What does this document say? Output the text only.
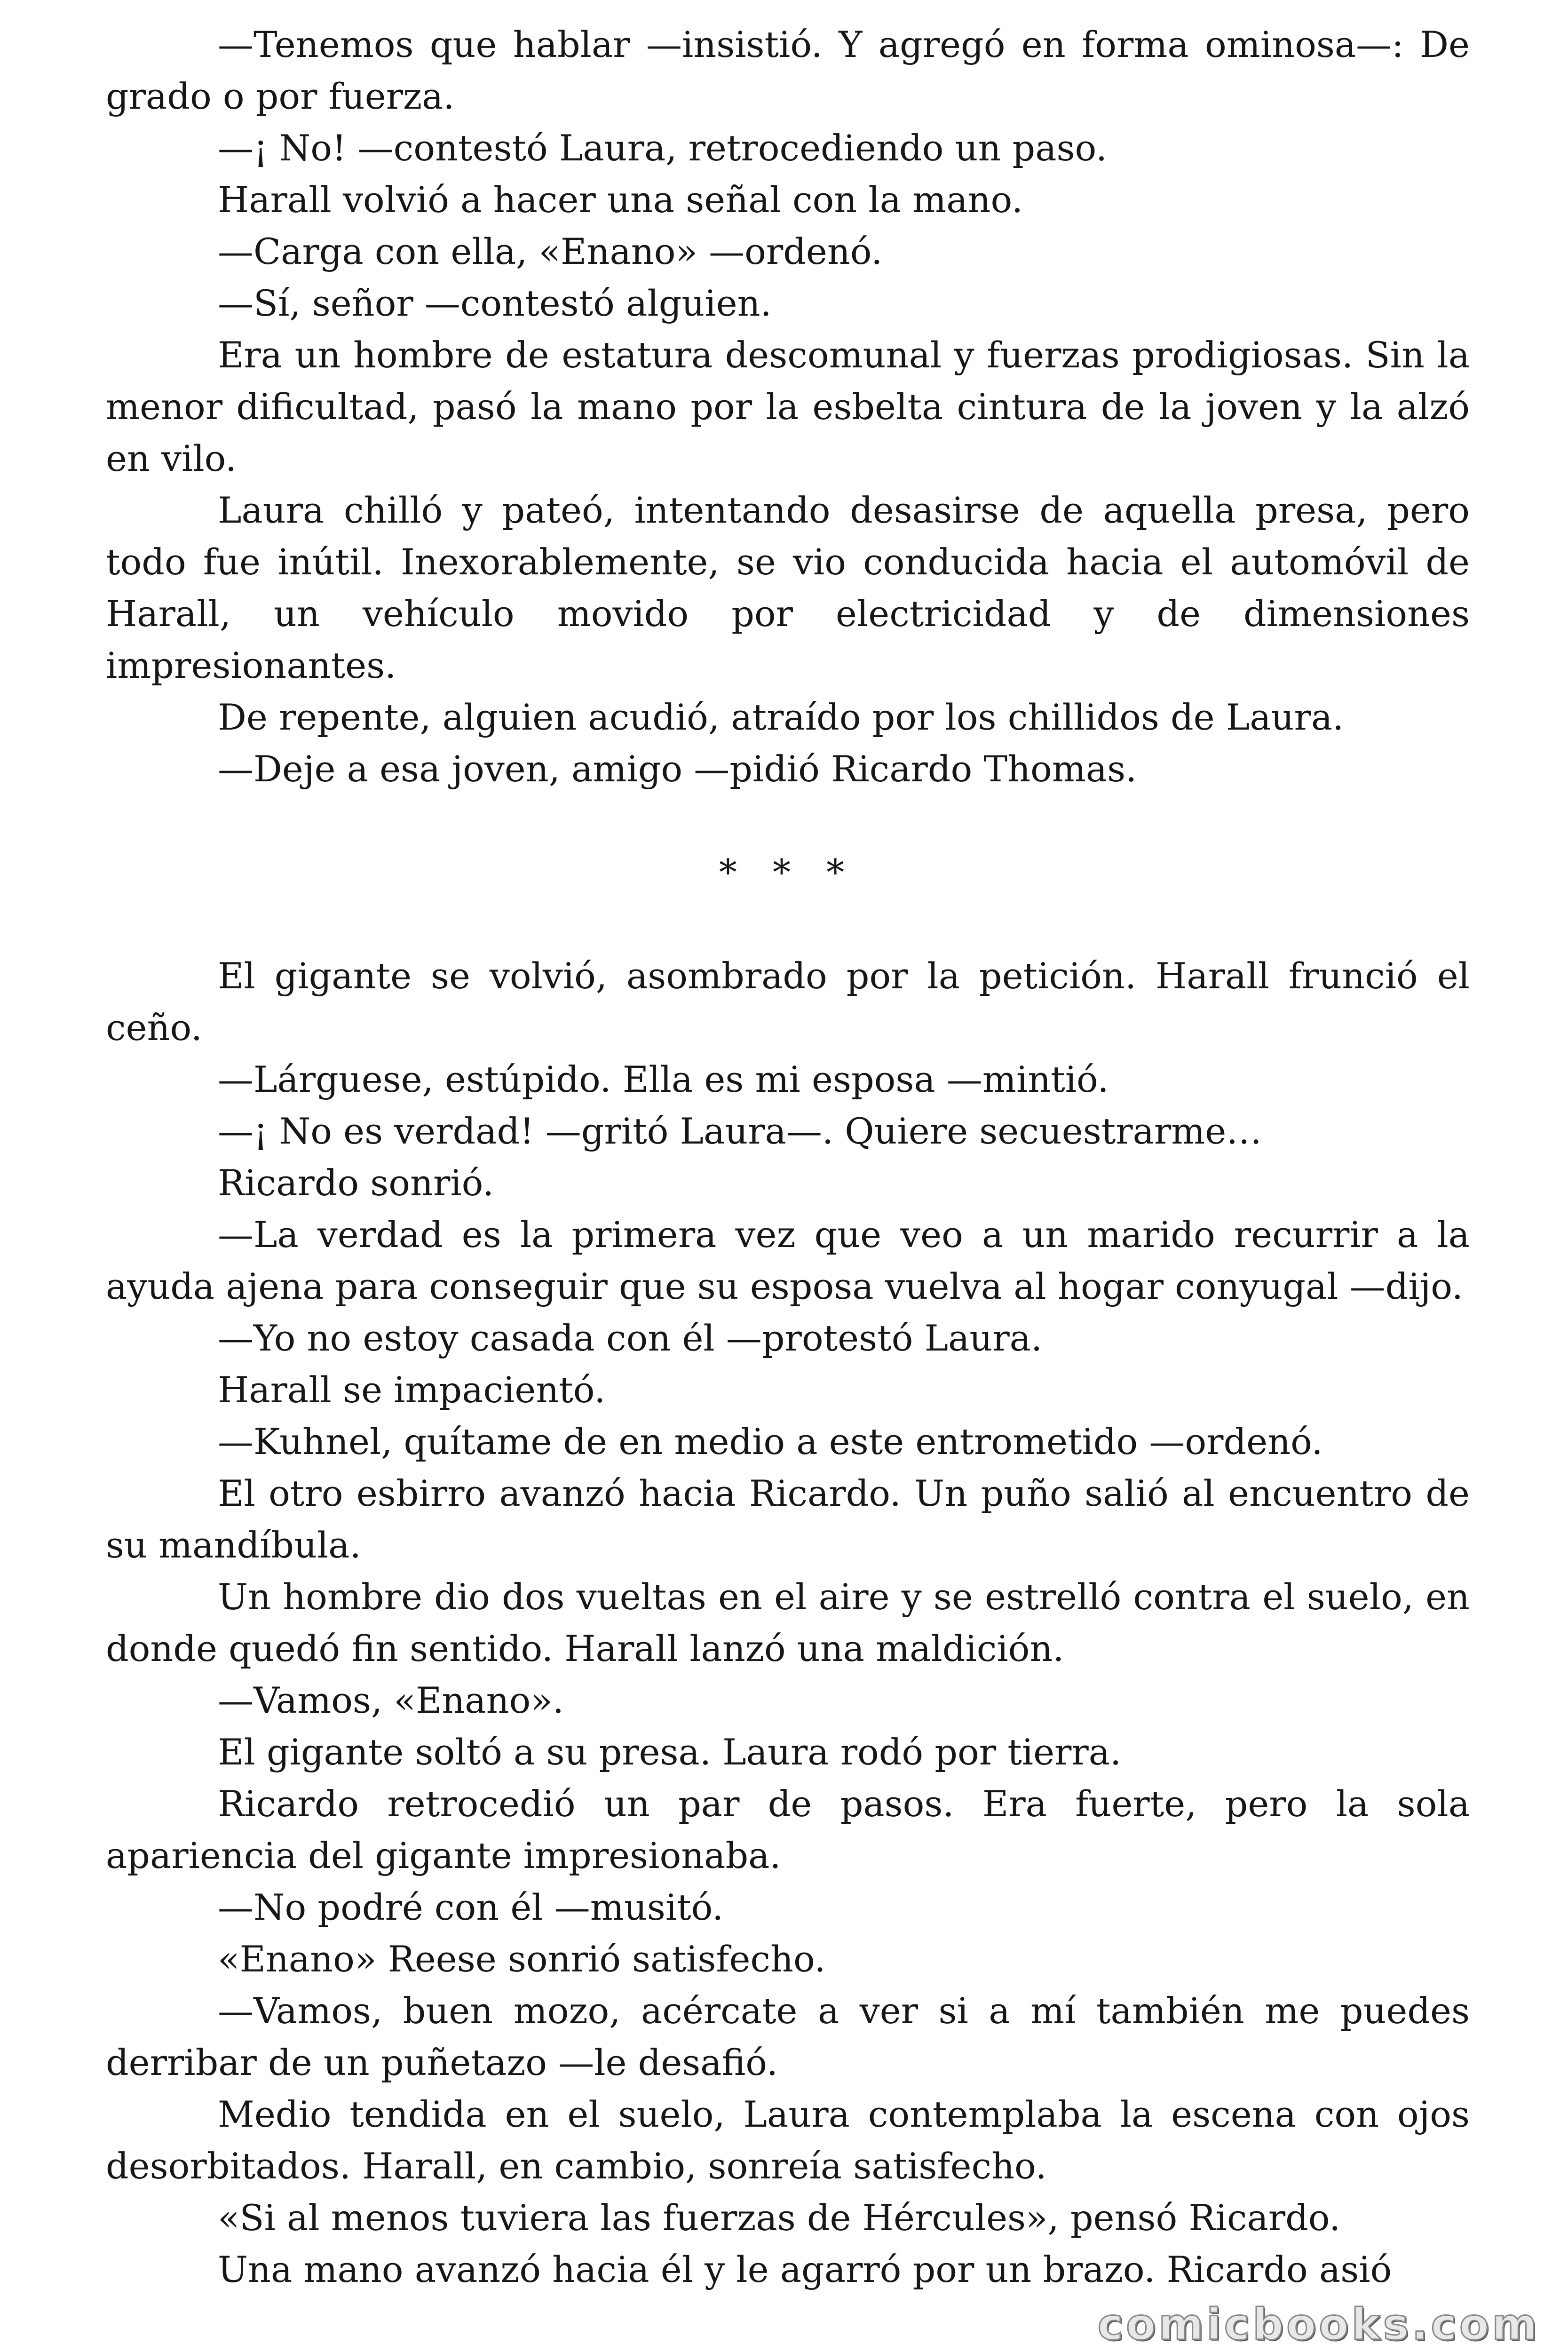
—Tenemos que hablar —insistió. Y agregó en forma ominosa—: De grado o por fuerza.

—¡ No! —contestó Laura, retrocediendo un paso.

Harall volvió a hacer una señal con la mano.

—Carga con ella, «Enano» —ordenó.

—Sí, señor —contestó alguien.

Era un hombre de estatura descomunal y fuerzas prodigiosas. Sin la menor dificultad, pasó la mano por la esbelta cintura de la joven y la alzó en vilo.

Laura chilló y pateó, intentando desasirse de aquella presa, pero todo fue inútil. Inexorablemente, se vio conducida hacia el automóvil de Harall, un vehículo movido por electricidad y de dimensiones impresionantes.

De repente, alguien acudió, atraído por los chillidos de Laura.

—Deje a esa joven, amigo —pidió Ricardo Thomas.

* * *

El gigante se volvió, asombrado por la petición. Harall frunció el ceño.

—Lárguese, estúpido. Ella es mi esposa —mintió.

—¡ No es verdad! —gritó Laura—. Quiere secuestrarme…

Ricardo sonrió.

—La verdad es la primera vez que veo a un marido recurrir a la ayuda ajena para conseguir que su esposa vuelva al hogar conyugal —dijo.

—Yo no estoy casada con él —protestó Laura.

Harall se impacientó.

—Kuhnel, quítame de en medio a este entrometido —ordenó.

El otro esbirro avanzó hacia Ricardo. Un puño salió al encuentro de su mandíbula.

Un hombre dio dos vueltas en el aire y se estrelló contra el suelo, en donde quedó fin sentido. Harall lanzó una maldición.

—Vamos, «Enano».

El gigante soltó a su presa. Laura rodó por tierra.

Ricardo retrocedió un par de pasos. Era fuerte, pero la sola apariencia del gigante impresionaba.

—No podré con él —musitó.

«Enano» Reese sonrió satisfecho.

—Vamos, buen mozo, acércate a ver si a mí también me puedes derribar de un puñetazo —le desafió.

Medio tendida en el suelo, Laura contemplaba la escena con ojos desorbitados. Harall, en cambio, sonreía satisfecho.

«Si al menos tuviera las fuerzas de Hércules», pensó Ricardo.

Una mano avanzó hacia él y le agarró por un brazo. Ricardo asió

comicbooks.com
